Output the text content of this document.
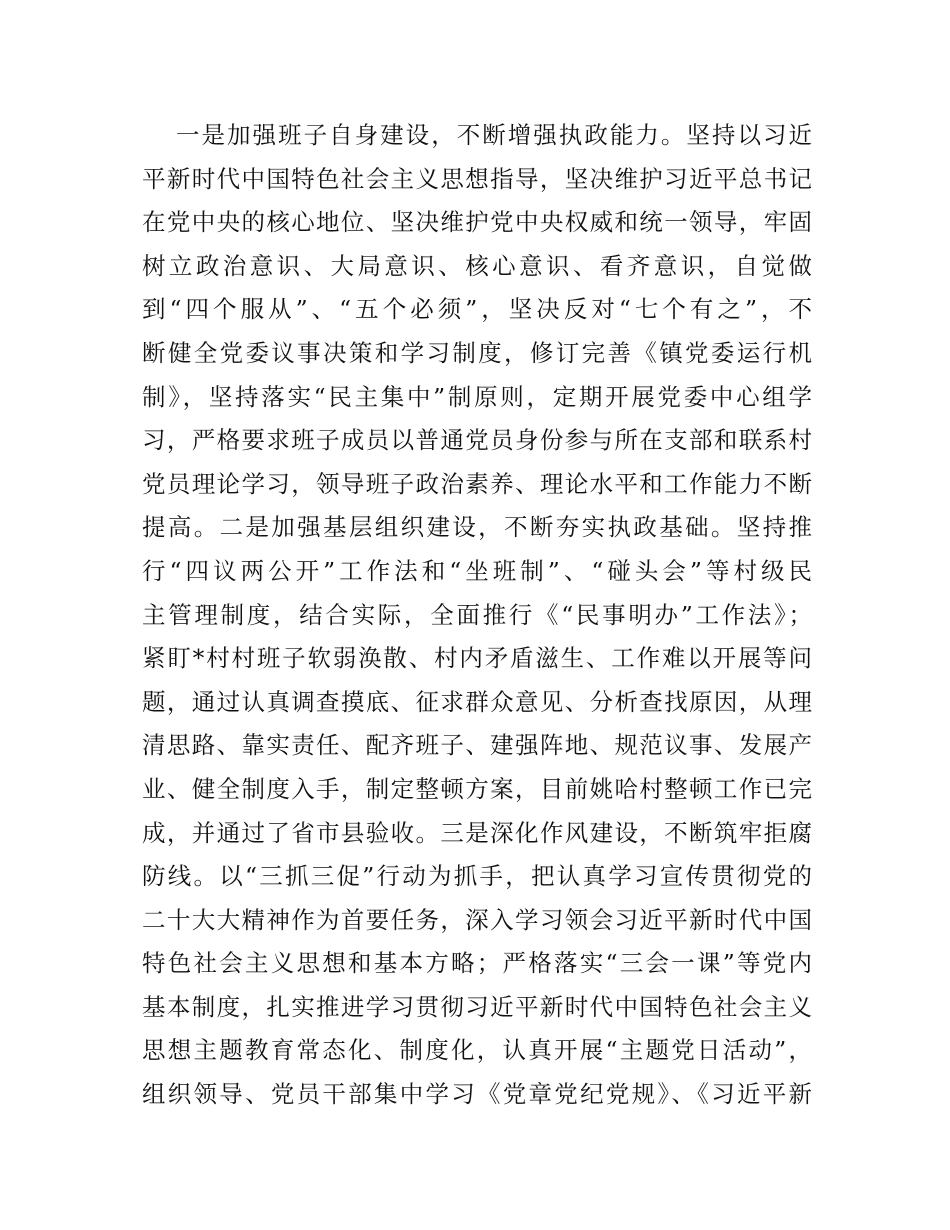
一是加强班子自身建设，不断增强执政能力。坚持以习近
平新时代中国特色社会主义思想指导，坚决维护习近平总书记
在党中央的核心地位、坚决维护党中央权威和统一领导，牢固
树立政治意识、大局意识、核心意识、看齐意识，自觉做
到“四个服从”、“五个必须”，坚决反对“七个有之”，不
断健全党委议事决策和学习制度，修订完善《镇党委运行机
制》，坚持落实“民主集中”制原则，定期开展党委中心组学
习，严格要求班子成员以普通党员身份参与所在支部和联系村
党员理论学习，领导班子政治素养、理论水平和工作能力不断
提高。二是加强基层组织建设，不断夯实执政基础。坚持推
行“四议两公开”工作法和“坐班制”、“碰头会”等村级民
主管理制度，结合实际，全面推行《“民事明办”工作法》；
紧盯*村村班子软弱涣散、村内矛盾滋生、工作难以开展等问
题，通过认真调查摸底、征求群众意见、分析查找原因，从理
清思路、靠实责任、配齐班子、建强阵地、规范议事、发展产
业、健全制度入手，制定整顿方案，目前姚哈村整顿工作已完
成，并通过了省市县验收。三是深化作风建设，不断筑牢拒腐
防线。以“三抓三促”行动为抓手，把认真学习宣传贯彻党的
二十大大精神作为首要任务，深入学习领会习近平新时代中国
特色社会主义思想和基本方略；严格落实“三会一课”等党内
基本制度，扎实推进学习贯彻习近平新时代中国特色社会主义
思想主题教育常态化、制度化，认真开展“主题党日活动”，
组织领导、党员干部集中学习《党章党纪党规》、《习近平新
